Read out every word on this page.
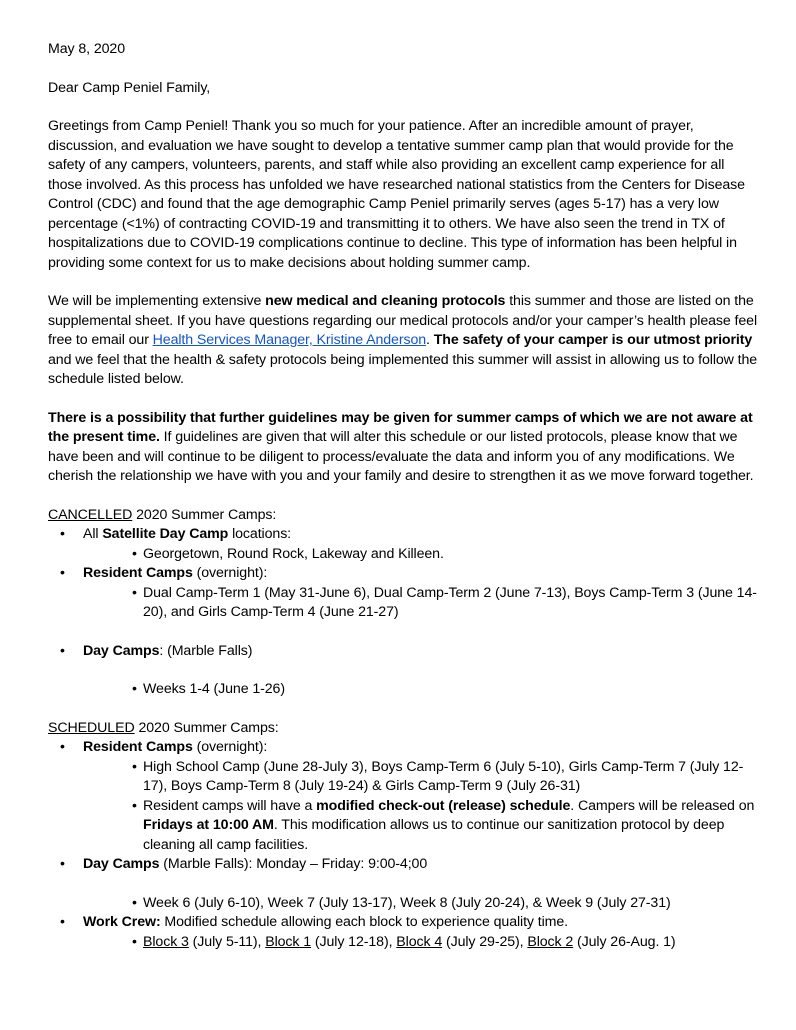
May 8, 2020

Dear Camp Peniel Family,

Greetings from Camp Peniel! Thank you so much for your patience. After an incredible amount of prayer, discussion, and evaluation we have sought to develop a tentative summer camp plan that would provide for the safety of any campers, volunteers, parents, and staff while also providing an excellent camp experience for all those involved. As this process has unfolded we have researched national statistics from the Centers for Disease Control (CDC) and found that the age demographic Camp Peniel primarily serves (ages 5-17) has a very low percentage (<1%) of contracting COVID-19 and transmitting it to others. We have also seen the trend in TX of hospitalizations due to COVID-19 complications continue to decline. This type of information has been helpful in providing some context for us to make decisions about holding summer camp.

We will be implementing extensive new medical and cleaning protocols this summer and those are listed on the supplemental sheet. If you have questions regarding our medical protocols and/or your camper’s health please feel free to email our Health Services Manager, Kristine Anderson. The safety of your camper is our utmost priority and we feel that the health & safety protocols being implemented this summer will assist in allowing us to follow the schedule listed below.

There is a possibility that further guidelines may be given for summer camps of which we are not aware at the present time. If guidelines are given that will alter this schedule or our listed protocols, please know that we have been and will continue to be diligent to process/evaluate the data and inform you of any modifications. We cherish the relationship we have with you and your family and desire to strengthen it as we move forward together.

CANCELLED 2020 Summer Camps:

• All Satellite Day Camp locations:
• Georgetown, Round Rock, Lakeway and Killeen.
• Resident Camps (overnight):
• Dual Camp-Term 1 (May 31-June 6), Dual Camp-Term 2 (June 7-13), Boys Camp-Term 3 (June 14-20), and Girls Camp-Term 4 (June 21-27)
• Day Camps: (Marble Falls)
• Weeks 1-4 (June 1-26)

SCHEDULED 2020 Summer Camps:

• Resident Camps (overnight):
• High School Camp (June 28-July 3), Boys Camp-Term 6 (July 5-10), Girls Camp-Term 7 (July 12-17), Boys Camp-Term 8 (July 19-24) & Girls Camp-Term 9 (July 26-31)
• Resident camps will have a modified check-out (release) schedule. Campers will be released on Fridays at 10:00 AM. This modification allows us to continue our sanitization protocol by deep cleaning all camp facilities.
• Day Camps (Marble Falls): Monday – Friday: 9:00-4;00
• Week 6 (July 6-10), Week 7 (July 13-17), Week 8 (July 20-24), & Week 9 (July 27-31)
• Work Crew: Modified schedule allowing each block to experience quality time.
• Block 3 (July 5-11), Block 1 (July 12-18), Block 4 (July 29-25), Block 2 (July 26-Aug. 1)
